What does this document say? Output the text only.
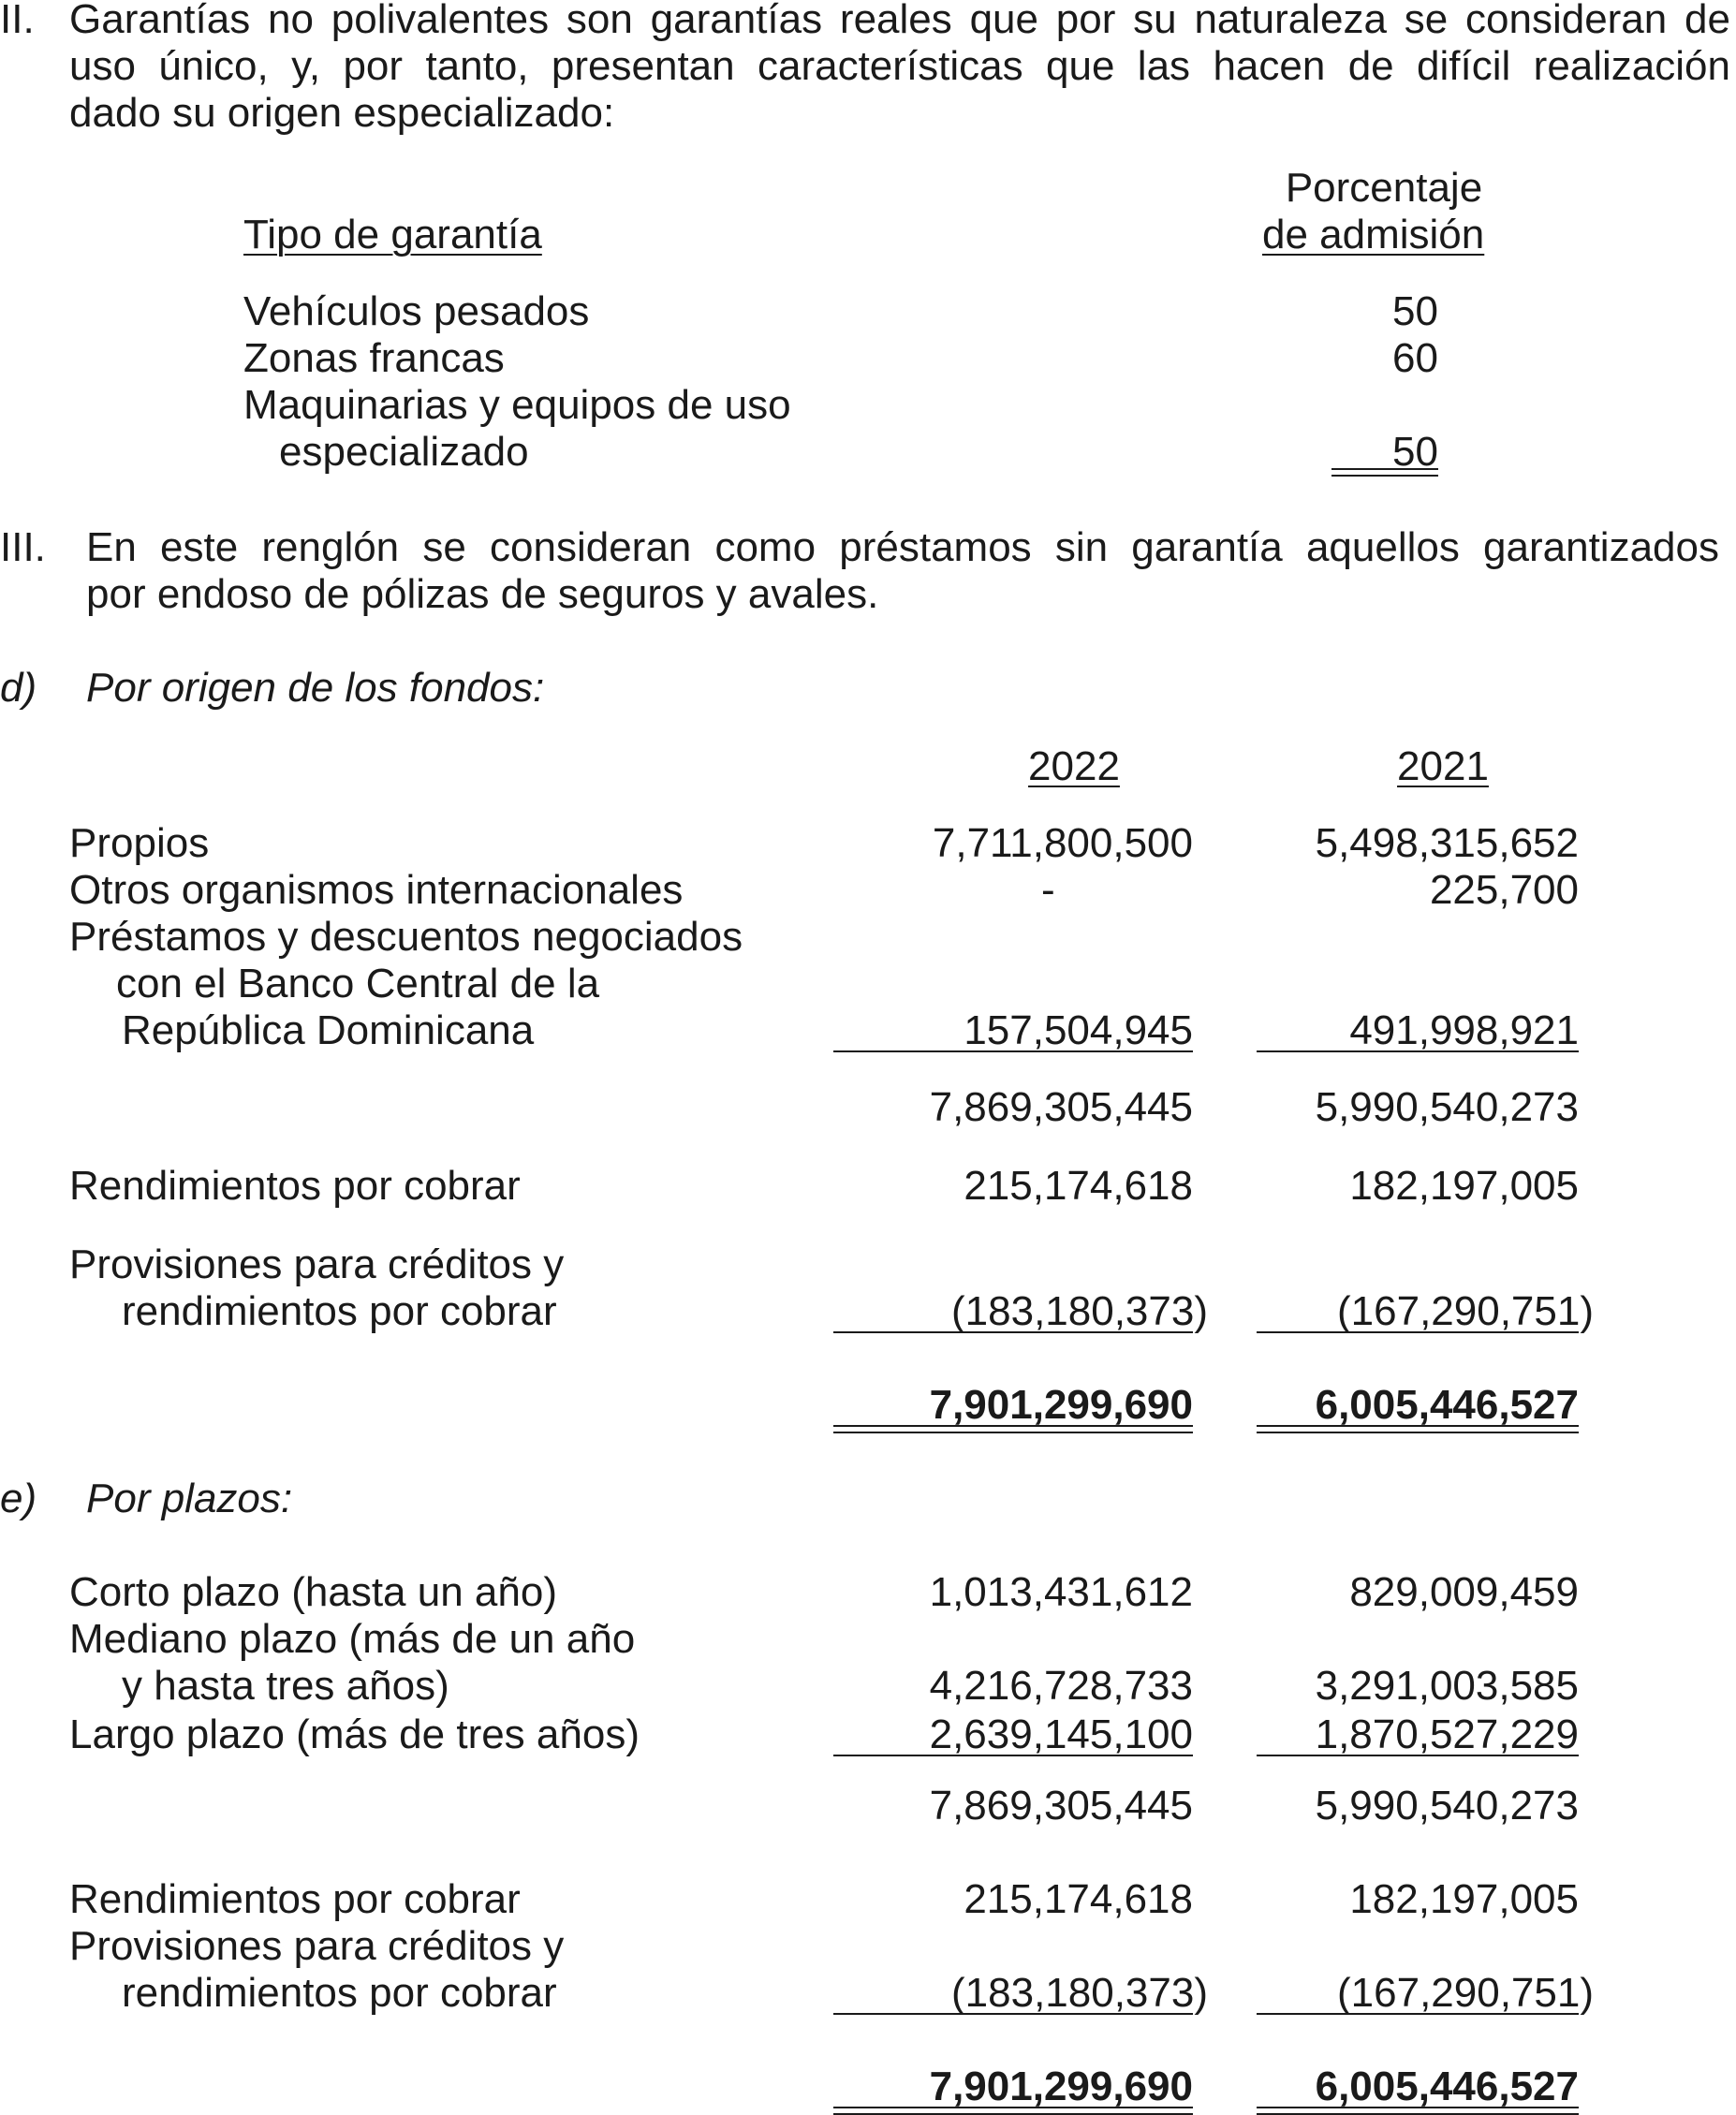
II. Garantías no polivalentes son garantías reales que por su naturaleza se consideran de
uso único, y, por tanto, presentan características que las hacen de difícil realización
dado su origen especializado:
Porcentaje
Tipo de garantía	de admisión
Vehículos pesados	50
Zonas francas	60
Maquinarias y equipos de uso
especializado	50
III. En este renglón se consideran como préstamos sin garantía aquellos garantizados
por endoso de pólizas de seguros y avales.
d) Por origen de los fondos:
2022	2021
Propios	7,711,800,500	5,498,315,652
Otros organismos internacionales	-	225,700
Préstamos y descuentos negociados
con el Banco Central de la
República Dominicana	157,504,945	491,998,921
7,869,305,445	5,990,540,273
Rendimientos por cobrar	215,174,618	182,197,005
Provisiones para créditos y
rendimientos por cobrar	(183,180,373)	(167,290,751)
7,901,299,690	6,005,446,527
e) Por plazos:
Corto plazo (hasta un año)	1,013,431,612	829,009,459
Mediano plazo (más de un año
y hasta tres años)	4,216,728,733	3,291,003,585
Largo plazo (más de tres años)	2,639,145,100	1,870,527,229
7,869,305,445	5,990,540,273
Rendimientos por cobrar	215,174,618	182,197,005
Provisiones para créditos y
rendimientos por cobrar	(183,180,373)	(167,290,751)
7,901,299,690	6,005,446,527
